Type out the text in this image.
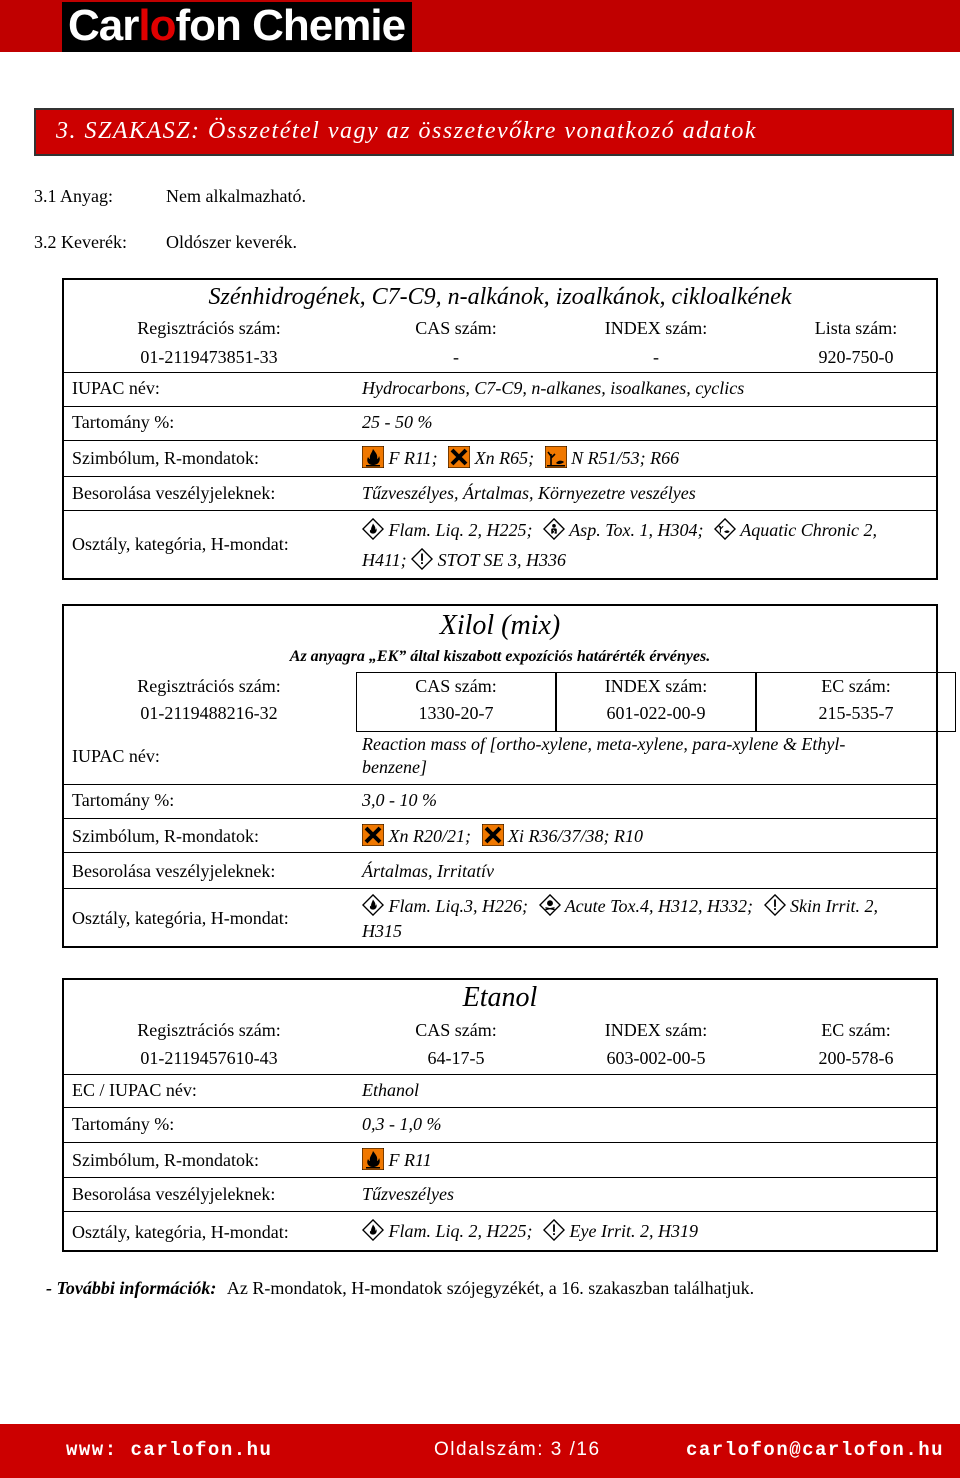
Carlofon Chemie
3. SZAKASZ: Összetétel vagy az összetevőkre vonatkozó adatok
3.1 Anyag:	Nem alkalmazható.
3.2 Keverék: Oldószer keverék.
Szénhidrogének, C7-C9, n-alkánok, izoalkánok, cikloalkének
Regisztrációs szám:
01-2119473851-33
CAS szám:
-
INDEX szám:
-
Lista szám:
920-750-0
IUPAC név:	Hydrocarbons, C7-C9, n-alkanes, isoalkanes, cyclics
Tartomány %:	25 - 50 %
Szimbólum, R-mondatok:	F R11; Xn R65; N R51/53; R66
Besorolása veszélyjeleknek:	Tűzveszélyes, Ártalmas, Környezetre veszélyes
Osztály, kategória, H-mondat:
Flam. Liq. 2, H225; Asp. Tox. 1, H304; Aquatic Chronic 2,
H411; STOT SE 3, H336
Xilol (mix)
Az anyagra „EK” által kiszabott expozíciós határérték érvényes.
Regisztrációs szám:
01-2119488216-32
CAS szám:
1330-20-7
INDEX szám:
601-022-00-9
EC szám:
215-535-7
IUPAC név:
Reaction mass of [ortho-xylene, meta-xylene, para-xylene & Ethyl-
benzene]
Tartomány %:	3,0 - 10 %
Szimbólum, R-mondatok:	Xn R20/21; Xi R36/37/38; R10
Besorolása veszélyjeleknek:	Ártalmas, Irritatív
Osztály, kategória, H-mondat:
Flam. Liq.3, H226; Acute Tox.4, H312, H332; Skin Irrit. 2,
H315
Etanol
Regisztrációs szám:
01-2119457610-43
CAS szám:
64-17-5
INDEX szám:
603-002-00-5
EC szám:
200-578-6
EC / IUPAC név:	Ethanol
Tartomány %:	0,3 - 1,0 %
Szimbólum, R-mondatok:	F R11
Besorolása veszélyjeleknek:	Tűzveszélyes
Osztály, kategória, H-mondat:	Flam. Liq. 2, H225; Eye Irrit. 2, H319
- További információk: Az R-mondatok, H-mondatok szójegyzékét, a 16. szakaszban találhatjuk.
www: carlofon.hu	Oldalszám: 3 /16	carlofon@carlofon.hu
